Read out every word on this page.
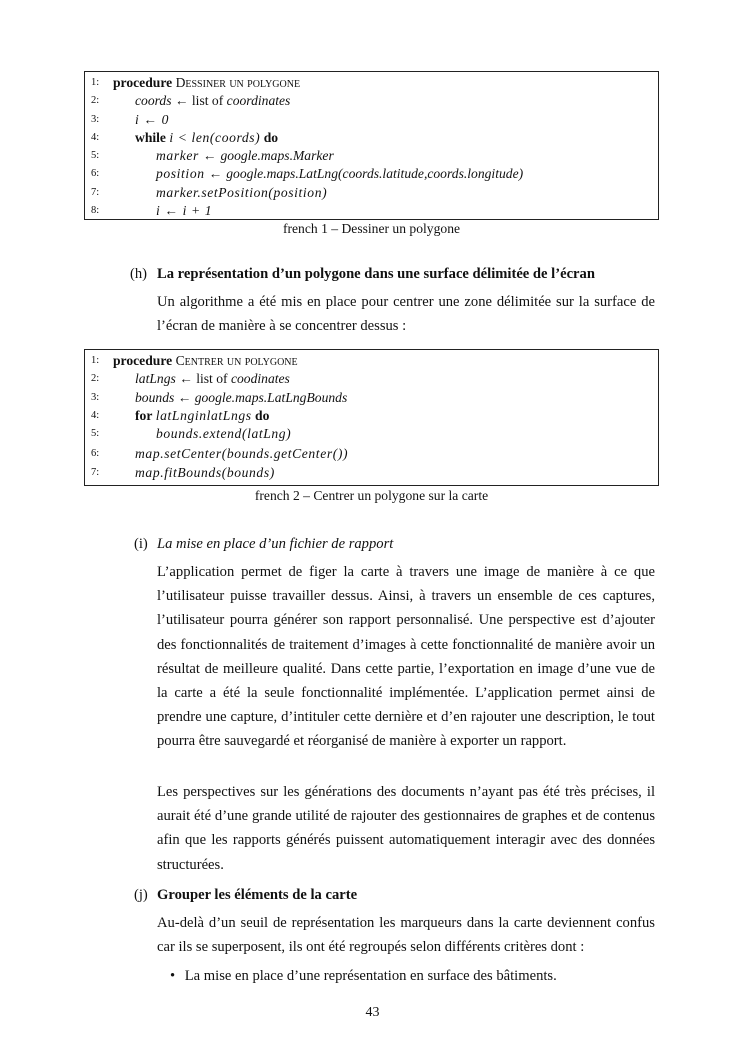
1:	procedure Dessiner un polygone
2:	coords ← list of coordinates
3:	i ← 0
4:	while i < len(coords) do
5:	marker ← google.maps.Marker
6:	position ← google.maps.LatLng(coords.latitude,coords.longitude)
7:	marker.setPosition(position)
8:	i ← i + 1
french 1 – Dessiner un polygone
(h) La représentation d’un polygone dans une surface délimitée de l’écran

Un algorithme a été mis en place pour centrer une zone délimitée sur la surface de l’écran de manière à se concentrer dessus :

1:	procedure Centrer un polygone
2:	latLngs ← list of coodinates
3:	bounds ← google.maps.LatLngBounds
4:	for latLnginlatLngs do
5:	bounds.extend(latLng)
6:	map.setCenter(bounds.getCenter())
7:	map.fitBounds(bounds)
french 2 – Centrer un polygone sur la carte
(i) La mise en place d’un fichier de rapport

L’application permet de figer la carte à travers une image de manière à ce que l’utilisateur puisse travailler dessus. Ainsi, à travers un ensemble de ces captures, l’utilisateur pourra générer son rapport personnalisé. Une perspective est d’ajouter des fonctionnalités de traitement d’images à cette fonctionnalité de manière avoir un résultat de meilleure qualité. Dans cette partie, l’exportation en image d’une vue de la carte a été la seule fonctionnalité implémentée. L’application permet ainsi de prendre une capture, d’intituler cette dernière et d’en rajouter une description, le tout pourra être sauvegardé et réorganisé de manière à exporter un rapport.

Les perspectives sur les générations des documents n’ayant pas été très précises, il aurait été d’une grande utilité de rajouter des gestionnaires de graphes et de contenus afin que les rapports générés puissent automatiquement interagir avec des données structurées.

(j) Grouper les éléments de la carte

Au-delà d’un seuil de représentation les marqueurs dans la carte deviennent confus car ils se superposent, ils ont été regroupés selon différents critères dont :

• La mise en place d’une représentation en surface des bâtiments.
43
